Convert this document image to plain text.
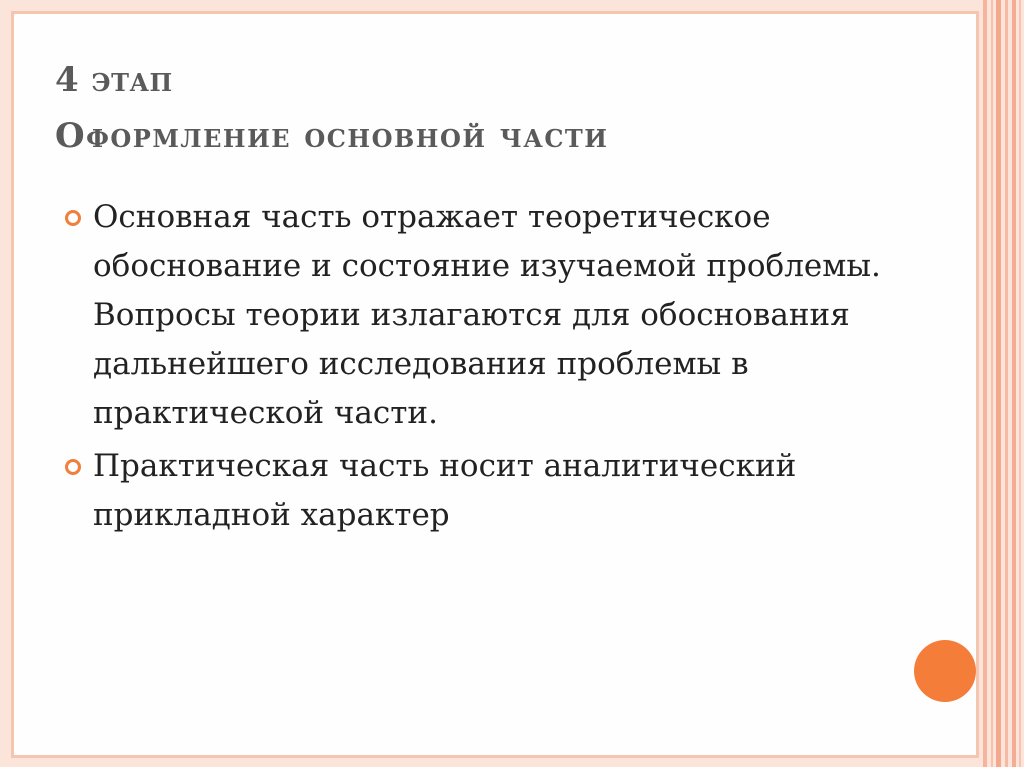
4 этап
Оформление основной части
Основная часть отражает теоретическое обоснование и состояние изучаемой проблемы. Вопросы теории излагаются для обоснования дальнейшего исследования проблемы в практической части.
Практическая часть носит аналитический прикладной характер
